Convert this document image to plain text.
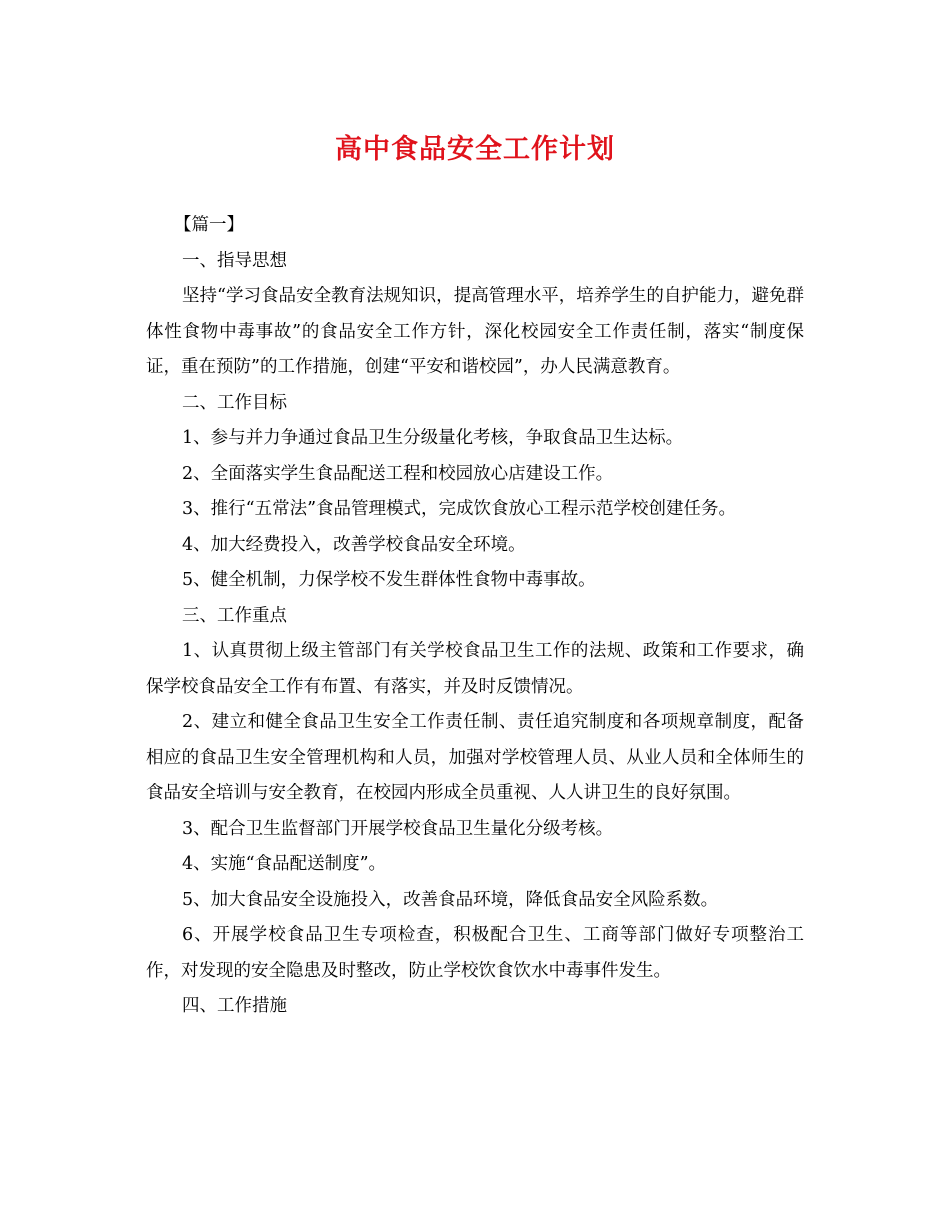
高中食品安全工作计划

【篇一】

一、指导思想

坚持“学习食品安全教育法规知识，提高管理水平，培养学生的自护能力，避免群体性食物中毒事故”的食品安全工作方针，深化校园安全工作责任制，落实“制度保证，重在预防”的工作措施，创建“平安和谐校园”，办人民满意教育。

二、工作目标

1、参与并力争通过食品卫生分级量化考核，争取食品卫生达标。

2、全面落实学生食品配送工程和校园放心店建设工作。

3、推行“五常法”食品管理模式，完成饮食放心工程示范学校创建任务。

4、加大经费投入，改善学校食品安全环境。

5、健全机制，力保学校不发生群体性食物中毒事故。

三、工作重点

1、认真贯彻上级主管部门有关学校食品卫生工作的法规、政策和工作要求，确保学校食品安全工作有布置、有落实，并及时反馈情况。

2、建立和健全食品卫生安全工作责任制、责任追究制度和各项规章制度，配备相应的食品卫生安全管理机构和人员，加强对学校管理人员、从业人员和全体师生的食品安全培训与安全教育，在校园内形成全员重视、人人讲卫生的良好氛围。

3、配合卫生监督部门开展学校食品卫生量化分级考核。

4、实施“食品配送制度”。

5、加大食品安全设施投入，改善食品环境，降低食品安全风险系数。

6、开展学校食品卫生专项检查，积极配合卫生、工商等部门做好专项整治工作，对发现的安全隐患及时整改，防止学校饮食饮水中毒事件发生。

四、工作措施
